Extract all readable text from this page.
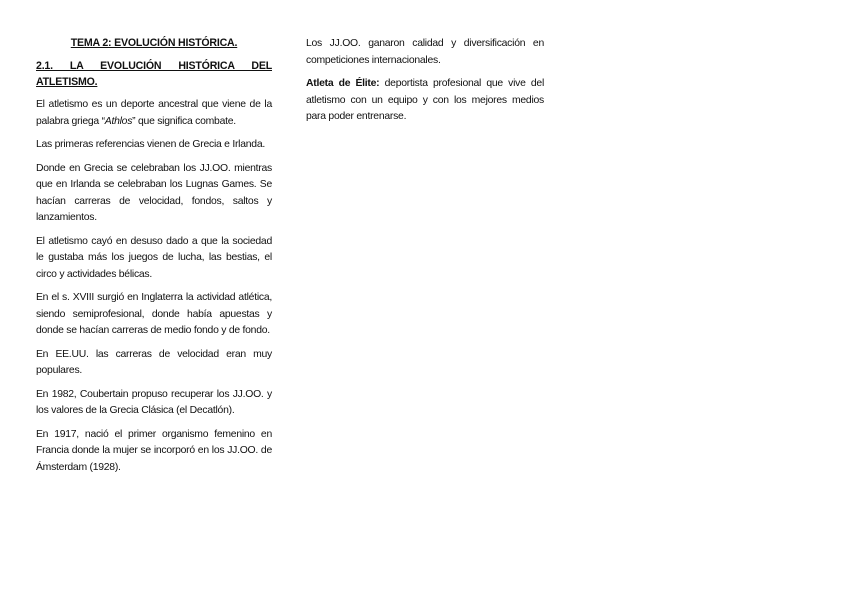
TEMA 2: EVOLUCIÓN HISTÓRICA.

2.1. LA EVOLUCIÓN HISTÓRICA DEL ATLETISMO.

El atletismo es un deporte ancestral que viene de la palabra griega “Athlos” que significa combate.

Las primeras referencias vienen de Grecia e Irlanda.

Donde en Grecia se celebraban los JJ.OO. mientras que en Irlanda se celebraban los Lugnas Games. Se hacían carreras de velocidad, fondos, saltos y lanzamientos.

El atletismo cayó en desuso dado a que la sociedad le gustaba más los juegos de lucha, las bestias, el circo y actividades bélicas.

En el s. XVIII surgió en Inglaterra la actividad atlética, siendo semiprofesional, donde había apuestas y donde se hacían carreras de medio fondo y de fondo.

En EE.UU. las carreras de velocidad eran muy populares.

En 1982, Coubertain propuso recuperar los JJ.OO. y los valores de la Grecia Clásica (el Decatlón).

En 1917, nació el primer organismo femenino en Francia donde la mujer se incorporó en los JJ.OO. de Ámsterdam (1928).

Los JJ.OO. ganaron calidad y diversificación en competiciones internacionales.

Atleta de Élite: deportista profesional que vive del atletismo con un equipo y con los mejores medios para poder entrenarse.
